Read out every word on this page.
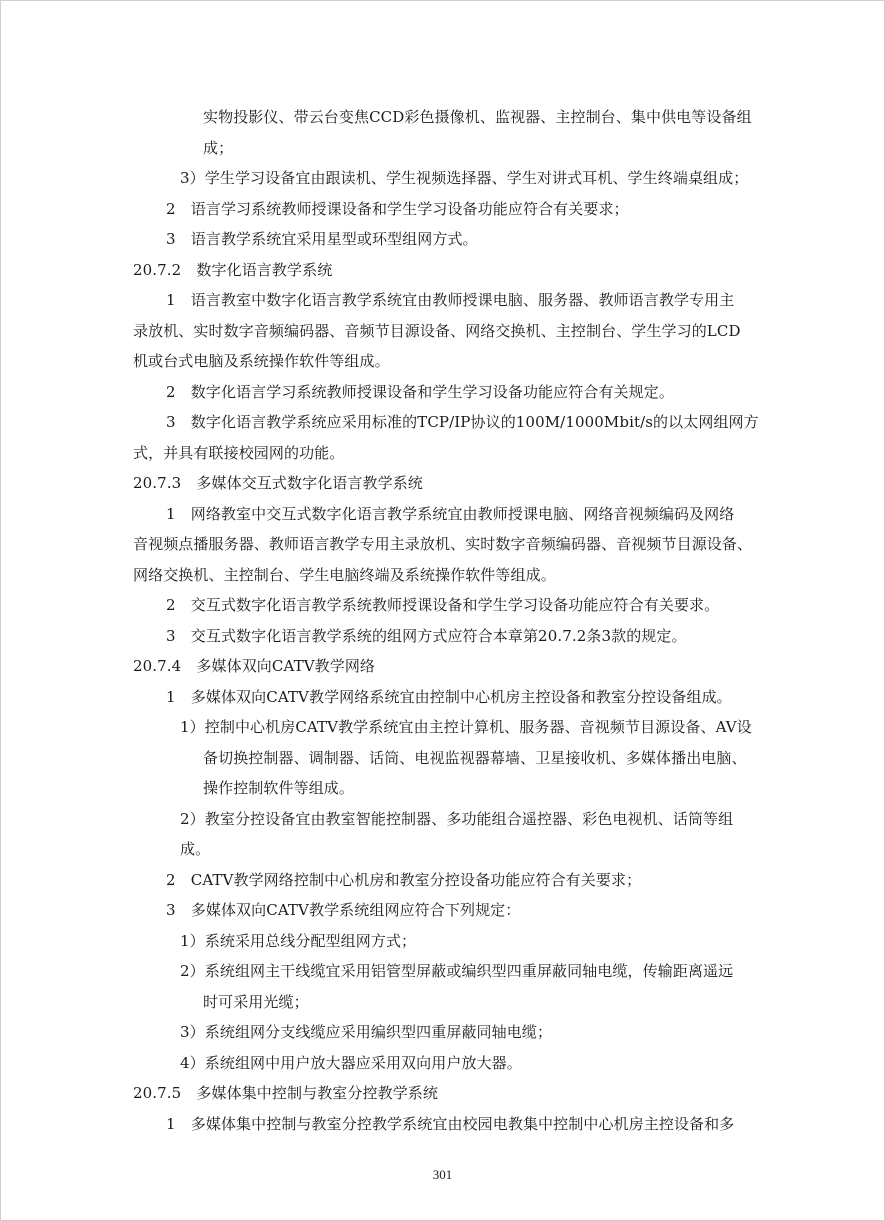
实物投影仪、带云台变焦CCD彩色摄像机、监视器、主控制台、集中供电等设备组
成；
3）学生学习设备宜由跟读机、学生视频选择器、学生对讲式耳机、学生终端桌组成；
2　语言学习系统教师授课设备和学生学习设备功能应符合有关要求；
3　语言教学系统宜采用星型或环型组网方式。
20.7.2　数字化语言教学系统
1　语言教室中数字化语言教学系统宜由教师授课电脑、服务器、教师语言教学专用主
录放机、实时数字音频编码器、音频节目源设备、网络交换机、主控制台、学生学习的LCD
机或台式电脑及系统操作软件等组成。
2　数字化语言学习系统教师授课设备和学生学习设备功能应符合有关规定。
3　数字化语言教学系统应采用标准的TCP/IP协议的100M/1000Mbit/s的以太网组网方
式，并具有联接校园网的功能。
20.7.3　多媒体交互式数字化语言教学系统
1　网络教室中交互式数字化语言教学系统宜由教师授课电脑、网络音视频编码及网络
音视频点播服务器、教师语言教学专用主录放机、实时数字音频编码器、音视频节目源设备、
网络交换机、主控制台、学生电脑终端及系统操作软件等组成。
2　交互式数字化语言教学系统教师授课设备和学生学习设备功能应符合有关要求。
3　交互式数字化语言教学系统的组网方式应符合本章第20.7.2条3款的规定。
20.7.4　多媒体双向CATV教学网络
1　多媒体双向CATV教学网络系统宜由控制中心机房主控设备和教室分控设备组成。
1）控制中心机房CATV教学系统宜由主控计算机、服务器、音视频节目源设备、AV设
备切换控制器、调制器、话筒、电视监视器幕墙、卫星接收机、多媒体播出电脑、
操作控制软件等组成。
2）教室分控设备宜由教室智能控制器、多功能组合遥控器、彩色电视机、话筒等组
成。
2　CATV教学网络控制中心机房和教室分控设备功能应符合有关要求；
3　多媒体双向CATV教学系统组网应符合下列规定：
1）系统采用总线分配型组网方式；
2）系统组网主干线缆宜采用铝管型屏蔽或编织型四重屏蔽同轴电缆，传输距离遥远
时可采用光缆；
3）系统组网分支线缆应采用编织型四重屏蔽同轴电缆；
4）系统组网中用户放大器应采用双向用户放大器。
20.7.5　多媒体集中控制与教室分控教学系统
1　多媒体集中控制与教室分控教学系统宜由校园电教集中控制中心机房主控设备和多
301
